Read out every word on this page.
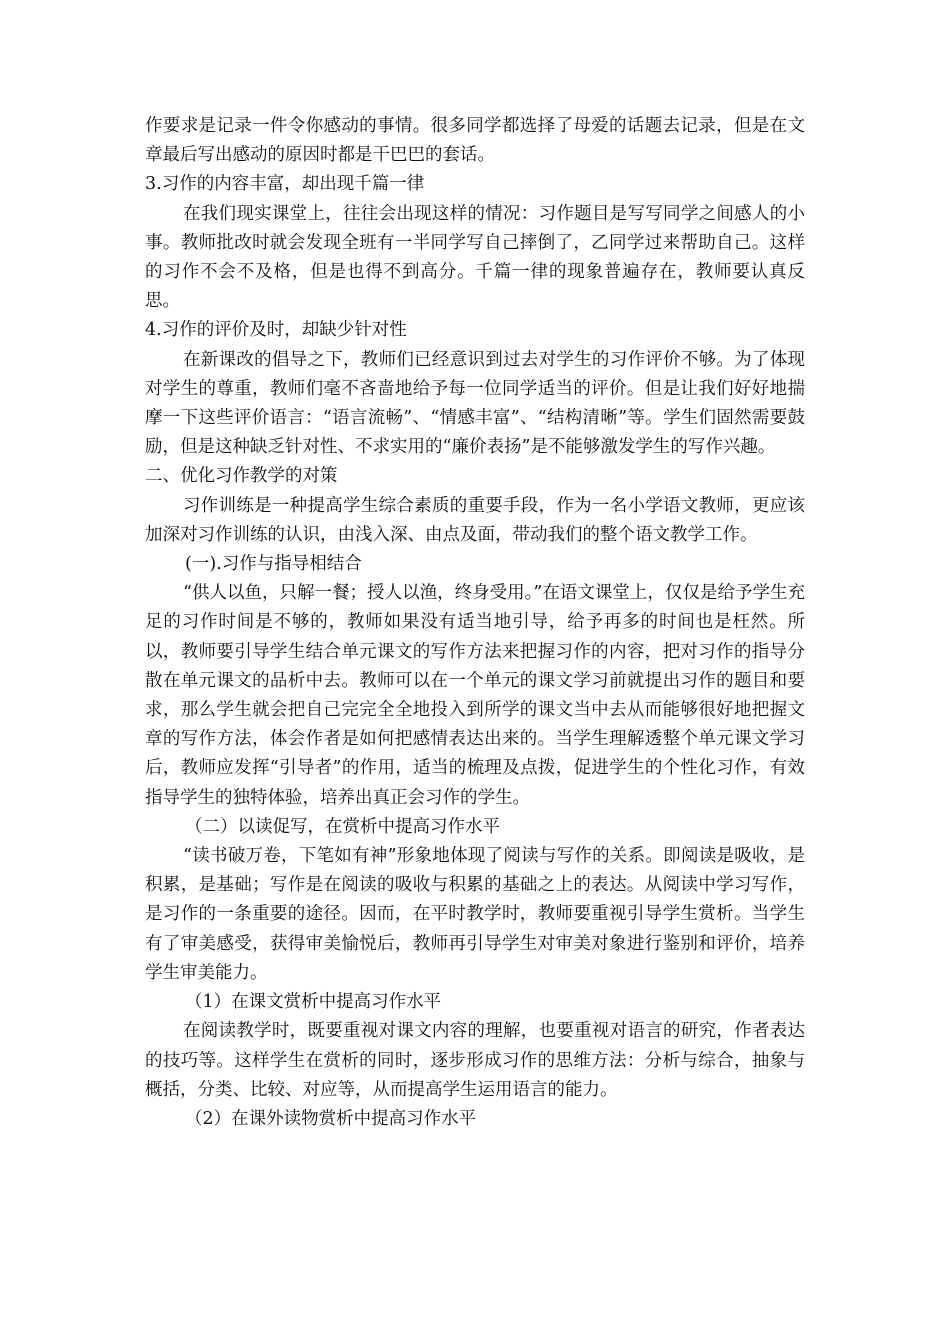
作要求是记录一件令你感动的事情。很多同学都选择了母爱的话题去记录，但是在文章最后写出感动的原因时都是干巴巴的套话。

3.习作的内容丰富，却出现千篇一律

在我们现实课堂上，往往会出现这样的情况：习作题目是写写同学之间感人的小事。教师批改时就会发现全班有一半同学写自己摔倒了，乙同学过来帮助自己。这样的习作不会不及格，但是也得不到高分。千篇一律的现象普遍存在，教师要认真反思。

4.习作的评价及时，却缺少针对性

在新课改的倡导之下，教师们已经意识到过去对学生的习作评价不够。为了体现对学生的尊重，教师们毫不吝啬地给予每一位同学适当的评价。但是让我们好好地揣摩一下这些评价语言：“语言流畅”、“情感丰富”、“结构清晰”等。学生们固然需要鼓励，但是这种缺乏针对性、不求实用的“廉价表扬”是不能够激发学生的写作兴趣。

二、优化习作教学的对策

习作训练是一种提高学生综合素质的重要手段，作为一名小学语文教师，更应该加深对习作训练的认识，由浅入深、由点及面，带动我们的整个语文教学工作。

(一).习作与指导相结合

“供人以鱼，只解一餐；授人以渔，终身受用。”在语文课堂上，仅仅是给予学生充足的习作时间是不够的，教师如果没有适当地引导，给予再多的时间也是枉然。所以，教师要引导学生结合单元课文的写作方法来把握习作的内容，把对习作的指导分散在单元课文的品析中去。教师可以在一个单元的课文学习前就提出习作的题目和要求，那么学生就会把自己完完全全地投入到所学的课文当中去从而能够很好地把握文章的写作方法，体会作者是如何把感情表达出来的。当学生理解透整个单元课文学习后，教师应发挥“引导者”的作用，适当的梳理及点拨，促进学生的个性化习作，有效指导学生的独特体验，培养出真正会习作的学生。

（二）以读促写，在赏析中提高习作水平

“读书破万卷，下笔如有神”形象地体现了阅读与写作的关系。即阅读是吸收，是积累，是基础；写作是在阅读的吸收与积累的基础之上的表达。从阅读中学习写作，是习作的一条重要的途径。因而，在平时教学时，教师要重视引导学生赏析。当学生有了审美感受，获得审美愉悦后，教师再引导学生对审美对象进行鉴别和评价，培养学生审美能力。

（1）在课文赏析中提高习作水平

在阅读教学时，既要重视对课文内容的理解，也要重视对语言的研究，作者表达的技巧等。这样学生在赏析的同时，逐步形成习作的思维方法：分析与综合，抽象与概括，分类、比较、对应等，从而提高学生运用语言的能力。

（2）在课外读物赏析中提高习作水平
